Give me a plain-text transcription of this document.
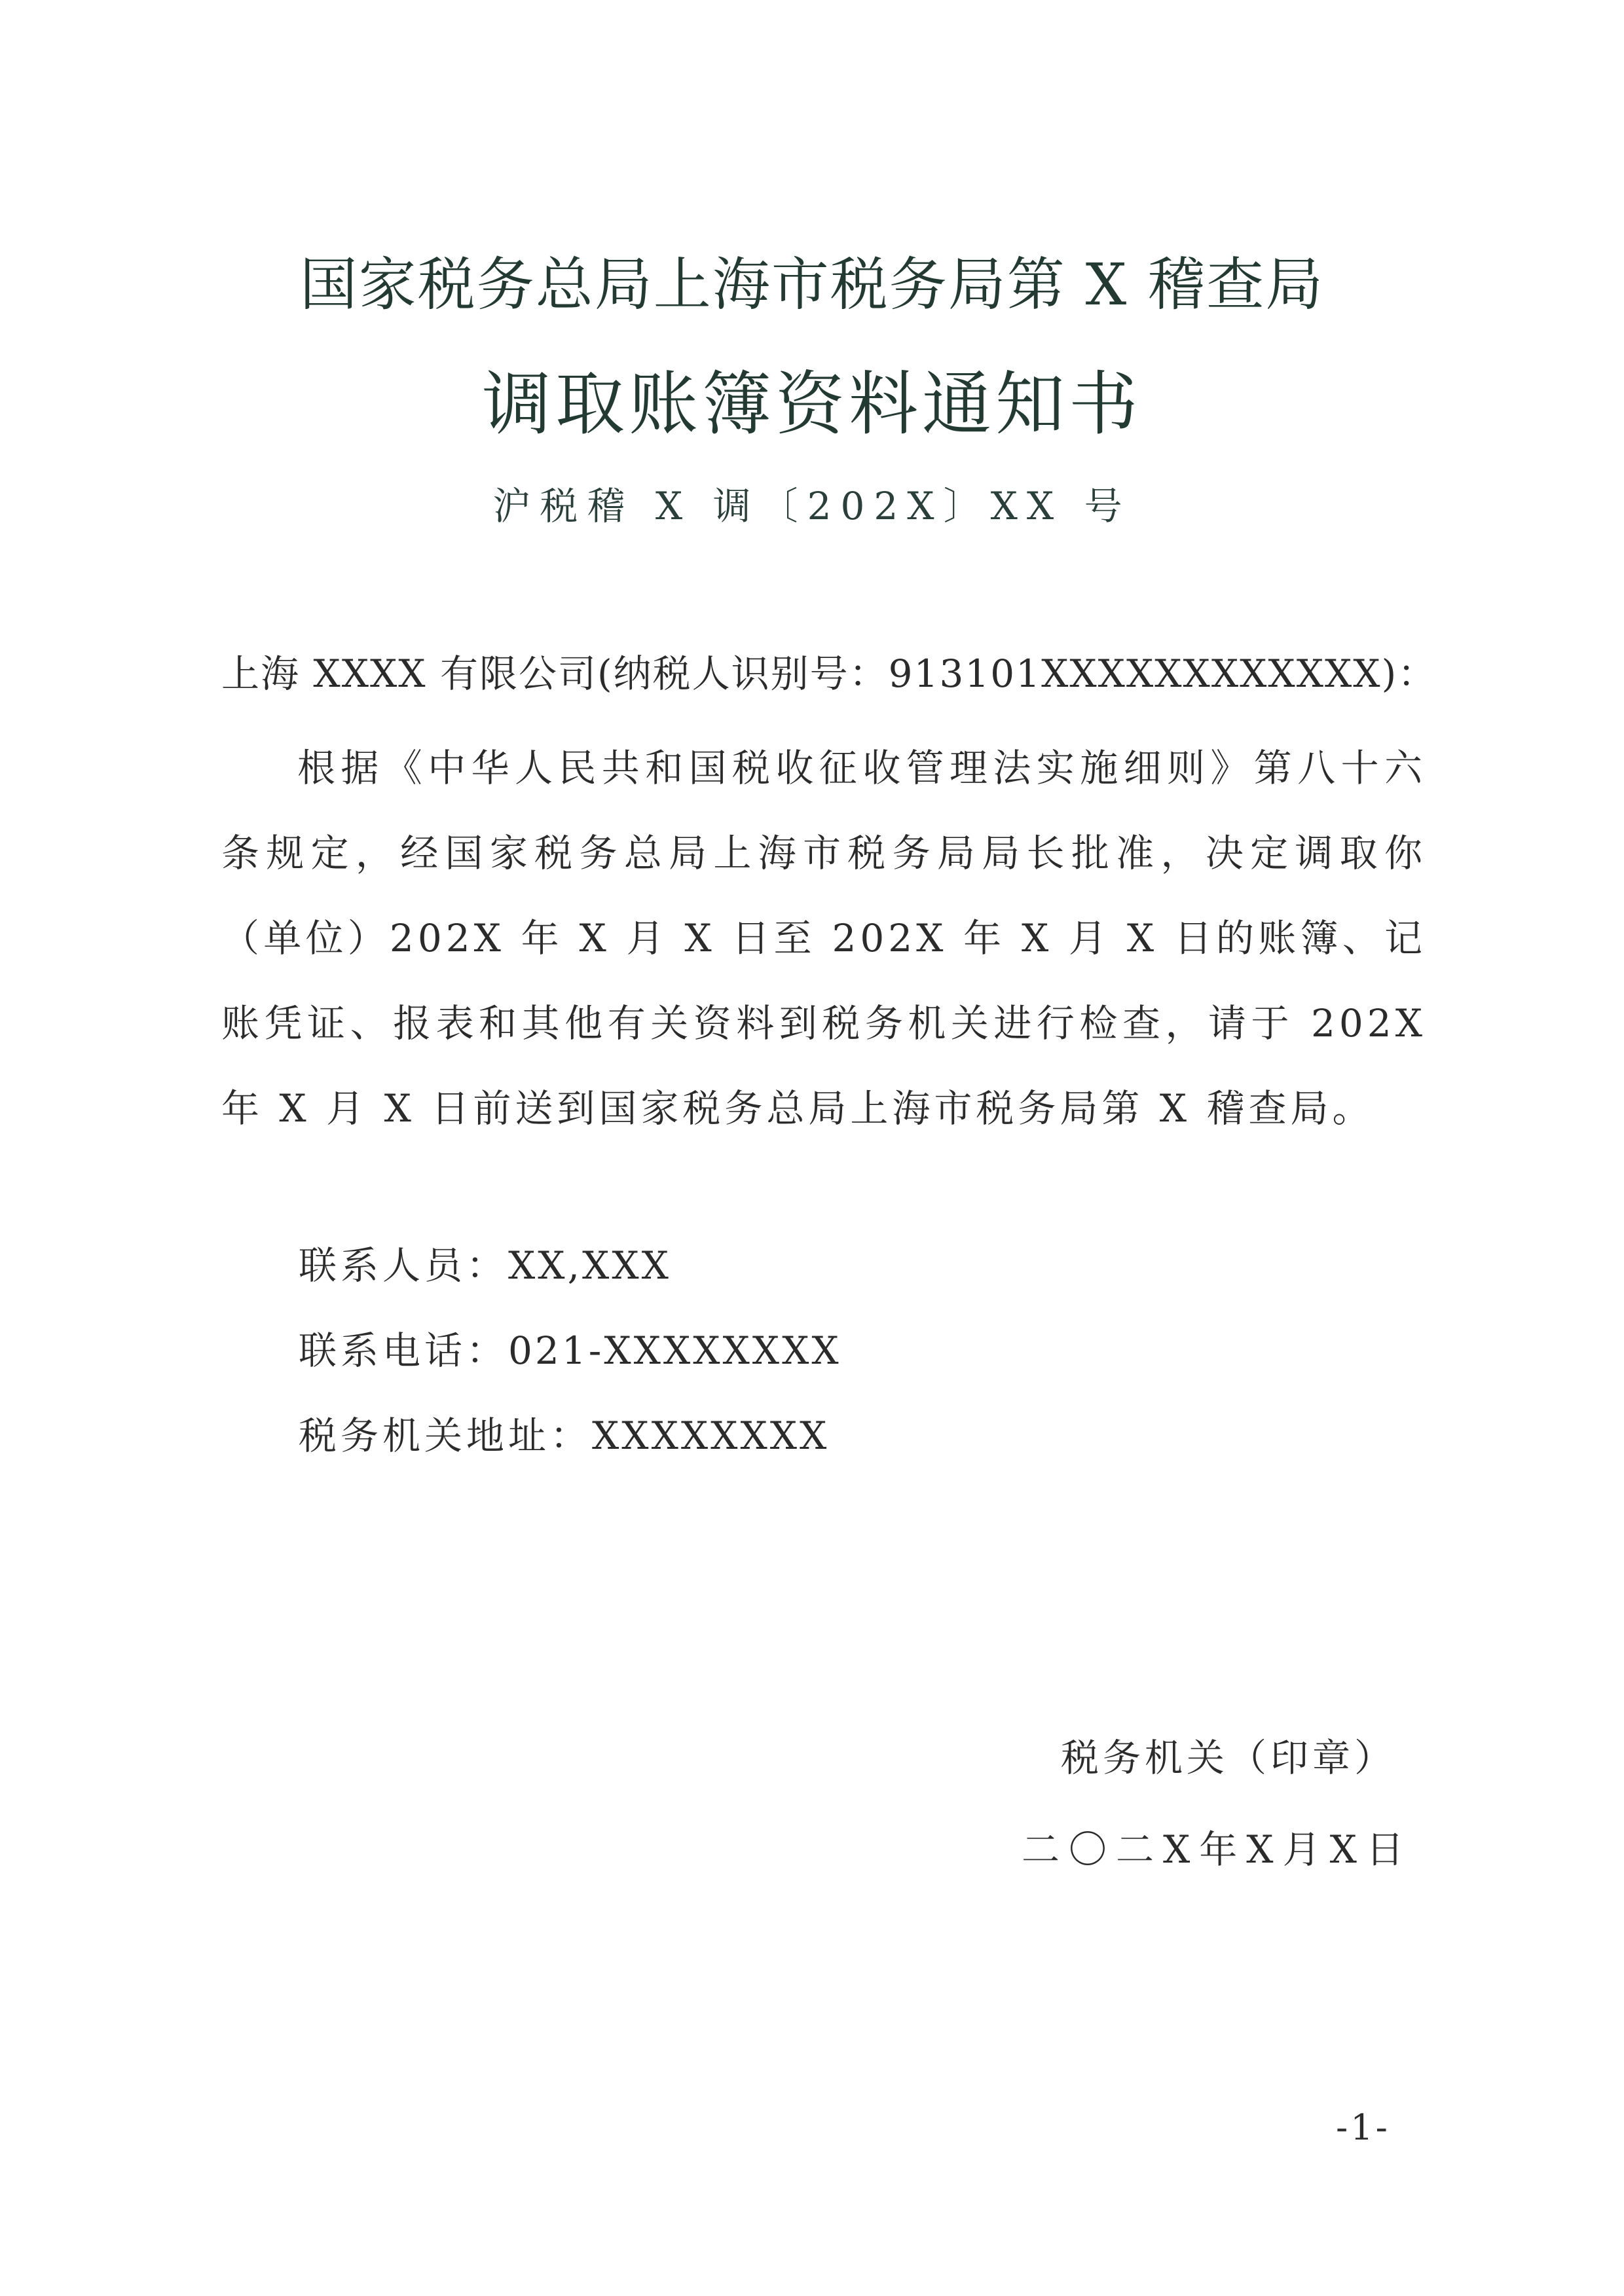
国家税务总局上海市税务局第 X 稽查局
调取账簿资料通知书
沪税稽 X 调〔202X〕XX 号
上海 XXXX 有限公司(纳税人识别号：913101XXXXXXXXXXXX)：
根据《中华人民共和国税收征收管理法实施细则》第八十六条规定，经国家税务总局上海市税务局局长批准，决定调取你（单位）202X 年 X 月 X 日至 202X 年 X 月 X 日的账簿、记账凭证、报表和其他有关资料到税务机关进行检查，请于 202X 年 X 月 X 日前送到国家税务总局上海市税务局第 X 稽查局。
联系人员：XX,XXX
联系电话：021-XXXXXXXX
税务机关地址：XXXXXXXX
税务机关（印章）
二〇二X年X月X日
-1-
